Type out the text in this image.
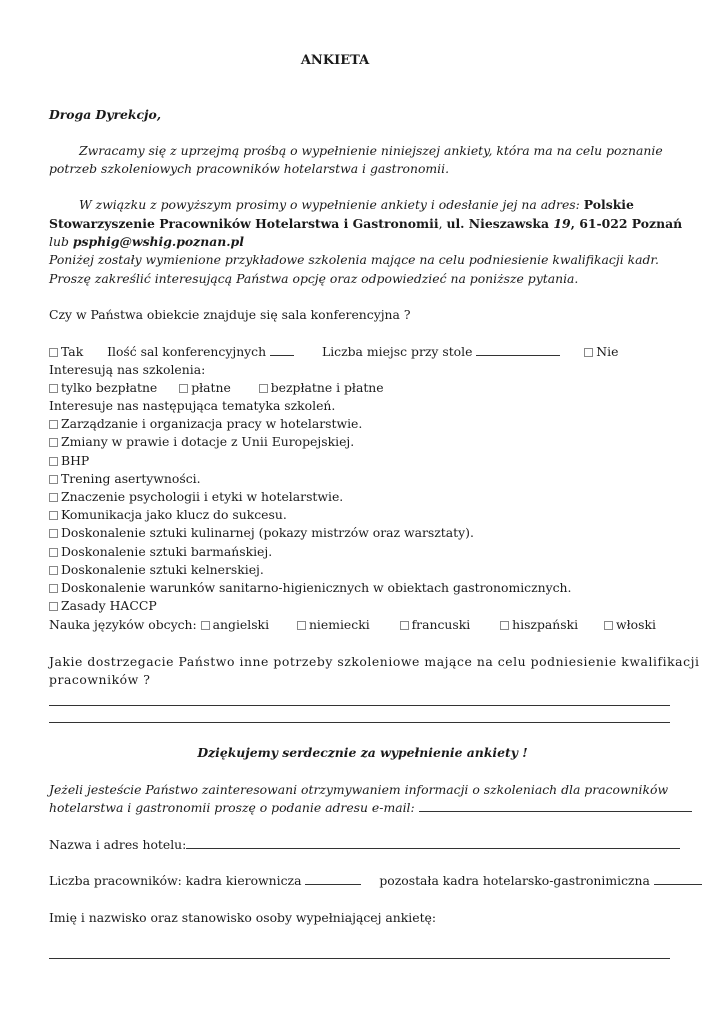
ANKIETA
Droga Dyrekcjo,
Zwracamy się z uprzejmą prośbą o wypełnienie niniejszej ankiety, która ma na celu poznanie
potrzeb szkoleniowych pracowników hotelarstwa i gastronomii.
W związku z powyższym prosimy o wypełnienie ankiety i odesłanie jej na adres: Polskie
Stowarzyszenie Pracowników Hotelarstwa i Gastronomii, ul. Nieszawska 19, 61-022 Poznań
lub psphig@wshig.poznan.pl
Poniżej zostały wymienione przykładowe szkolenia mające na celu podniesienie kwalifikacji kadr.
Proszę zakreślić interesującą Państwa opcję oraz odpowiedzieć na poniższe pytania.
Czy w Państwa obiekcie znajduje się sala konferencyjna ?
Tak Ilość sal konferencyjnych	Liczba miejsc przy stole	Nie
Interesują nas szkolenia:
tylko bezpłatne	płatne	bezpłatne i płatne
Interesuje nas następująca tematyka szkoleń.
Zarządzanie i organizacja pracy w hotelarstwie.
Zmiany w prawie i dotacje z Unii Europejskiej.
BHP
Trening asertywności.
Znaczenie psychologii i etyki w hotelarstwie.
Komunikacja jako klucz do sukcesu.
Doskonalenie sztuki kulinarnej (pokazy mistrzów oraz warsztaty).
Doskonalenie sztuki barmańskiej.
Doskonalenie sztuki kelnerskiej.
Doskonalenie warunków sanitarno-higienicznych w obiektach gastronomicznych.
Zasady HACCP
Nauka języków obcych: angielski	niemiecki	francuski	hiszpański	włoski
Jakie dostrzegacie Państwo inne potrzeby szkoleniowe mające na celu podniesienie kwalifikacji
pracowników ?
Dziękujemy serdecznie za wypełnienie ankiety !
Jeżeli jesteście Państwo zainteresowani otrzymywaniem informacji o szkoleniach dla pracowników
hotelarstwa i gastronomii proszę o podanie adresu e-mail:
Nazwa i adres hotelu:
Liczba pracowników: kadra kierownicza	pozostała kadra hotelarsko-gastronimiczna
Imię i nazwisko oraz stanowisko osoby wypełniającej ankietę:
